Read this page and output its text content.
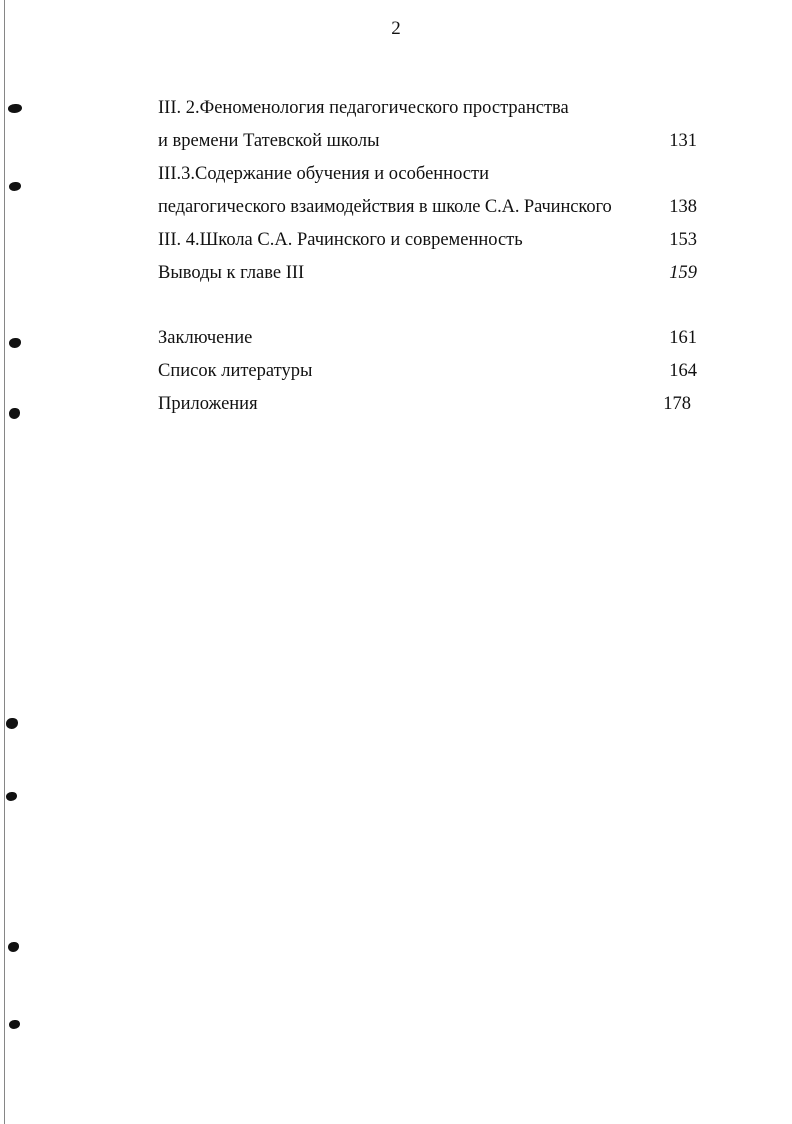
2
III. 2.Феноменология педагогического пространства
и времени Татевской школы	131
III.3.Содержание обучения и особенности
педагогического взаимодействия в школе С.А. Рачинского	138
III. 4.Школа С.А. Рачинского и современность	153
Выводы к главе III	159
Заключение	161
Список литературы	164
Приложения	178
